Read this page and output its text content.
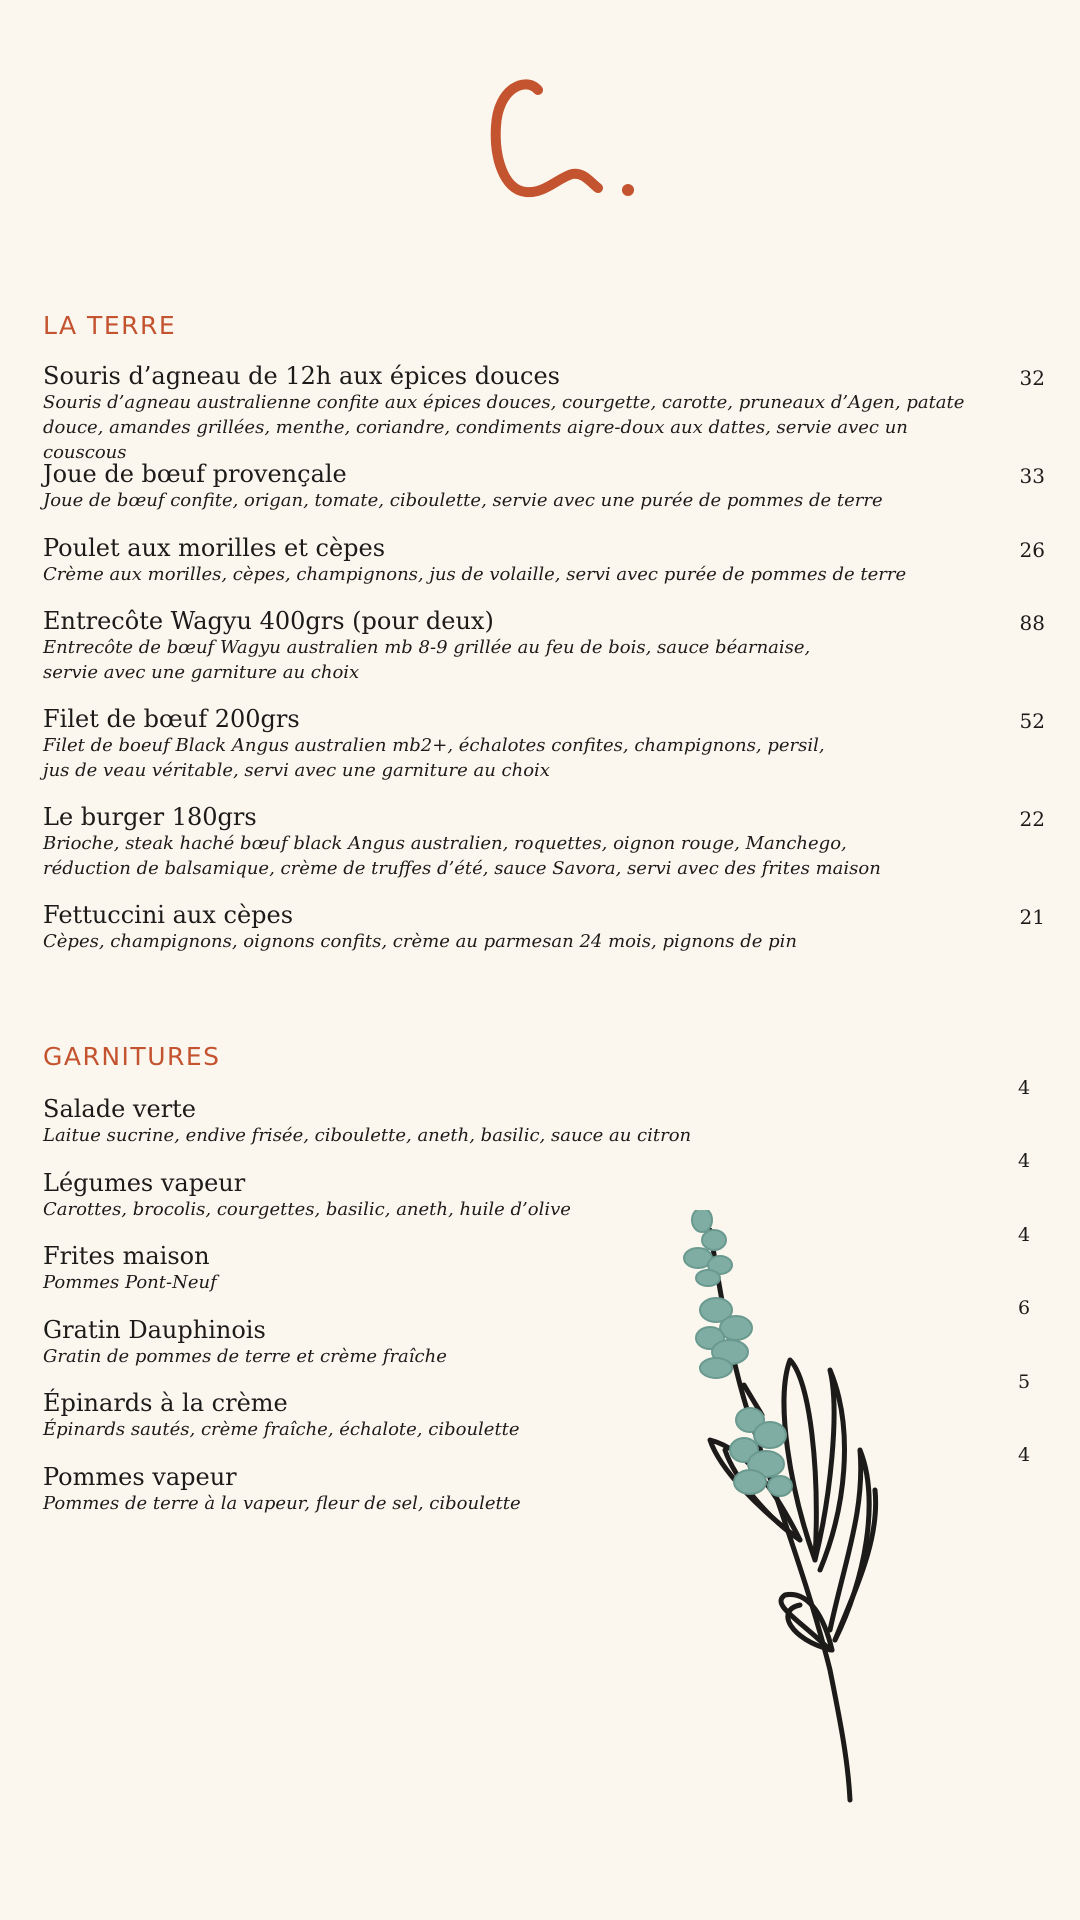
LA TERRE
Souris d’agneau de 12h aux épices douces
Souris d’agneau australienne confite aux épices douces, courgette, carotte, pruneaux d’Agen, patate
douce, amandes grillées, menthe, coriandre, condiments aigre-doux aux dattes, servie avec un couscous
32
Joue de bœuf provençale
Joue de bœuf confite, origan, tomate, ciboulette, servie avec une purée de pommes de terre
33
Poulet aux morilles et cèpes
Crème aux morilles, cèpes, champignons, jus de volaille, servi avec purée de pommes de terre
26
Entrecôte Wagyu 400grs (pour deux)
Entrecôte de bœuf Wagyu australien mb 8-9 grillée au feu de bois, sauce béarnaise,
servie avec une garniture au choix
88
Filet de bœuf 200grs
Filet de boeuf Black Angus australien mb2+, échalotes confites, champignons, persil,
jus de veau véritable, servi avec une garniture au choix
52
Le burger 180grs
Brioche, steak haché bœuf black Angus australien, roquettes, oignon rouge, Manchego,
réduction de balsamique, crème de truffes d’été, sauce Savora, servi avec des frites maison
22
Fettuccini aux cèpes
Cèpes, champignons, oignons confits, crème au parmesan 24 mois, pignons de pin
21
GARNITURES
Salade verte
Laitue sucrine, endive frisée, ciboulette, aneth, basilic, sauce au citron
4
Légumes vapeur
Carottes, brocolis, courgettes, basilic, aneth, huile d’olive
4
Frites maison
Pommes Pont-Neuf
4
Gratin Dauphinois
Gratin de pommes de terre et crème fraîche
6
Épinards à la crème
Épinards sautés, crème fraîche, échalote, ciboulette
5
Pommes vapeur
Pommes de terre à la vapeur, fleur de sel, ciboulette
4
